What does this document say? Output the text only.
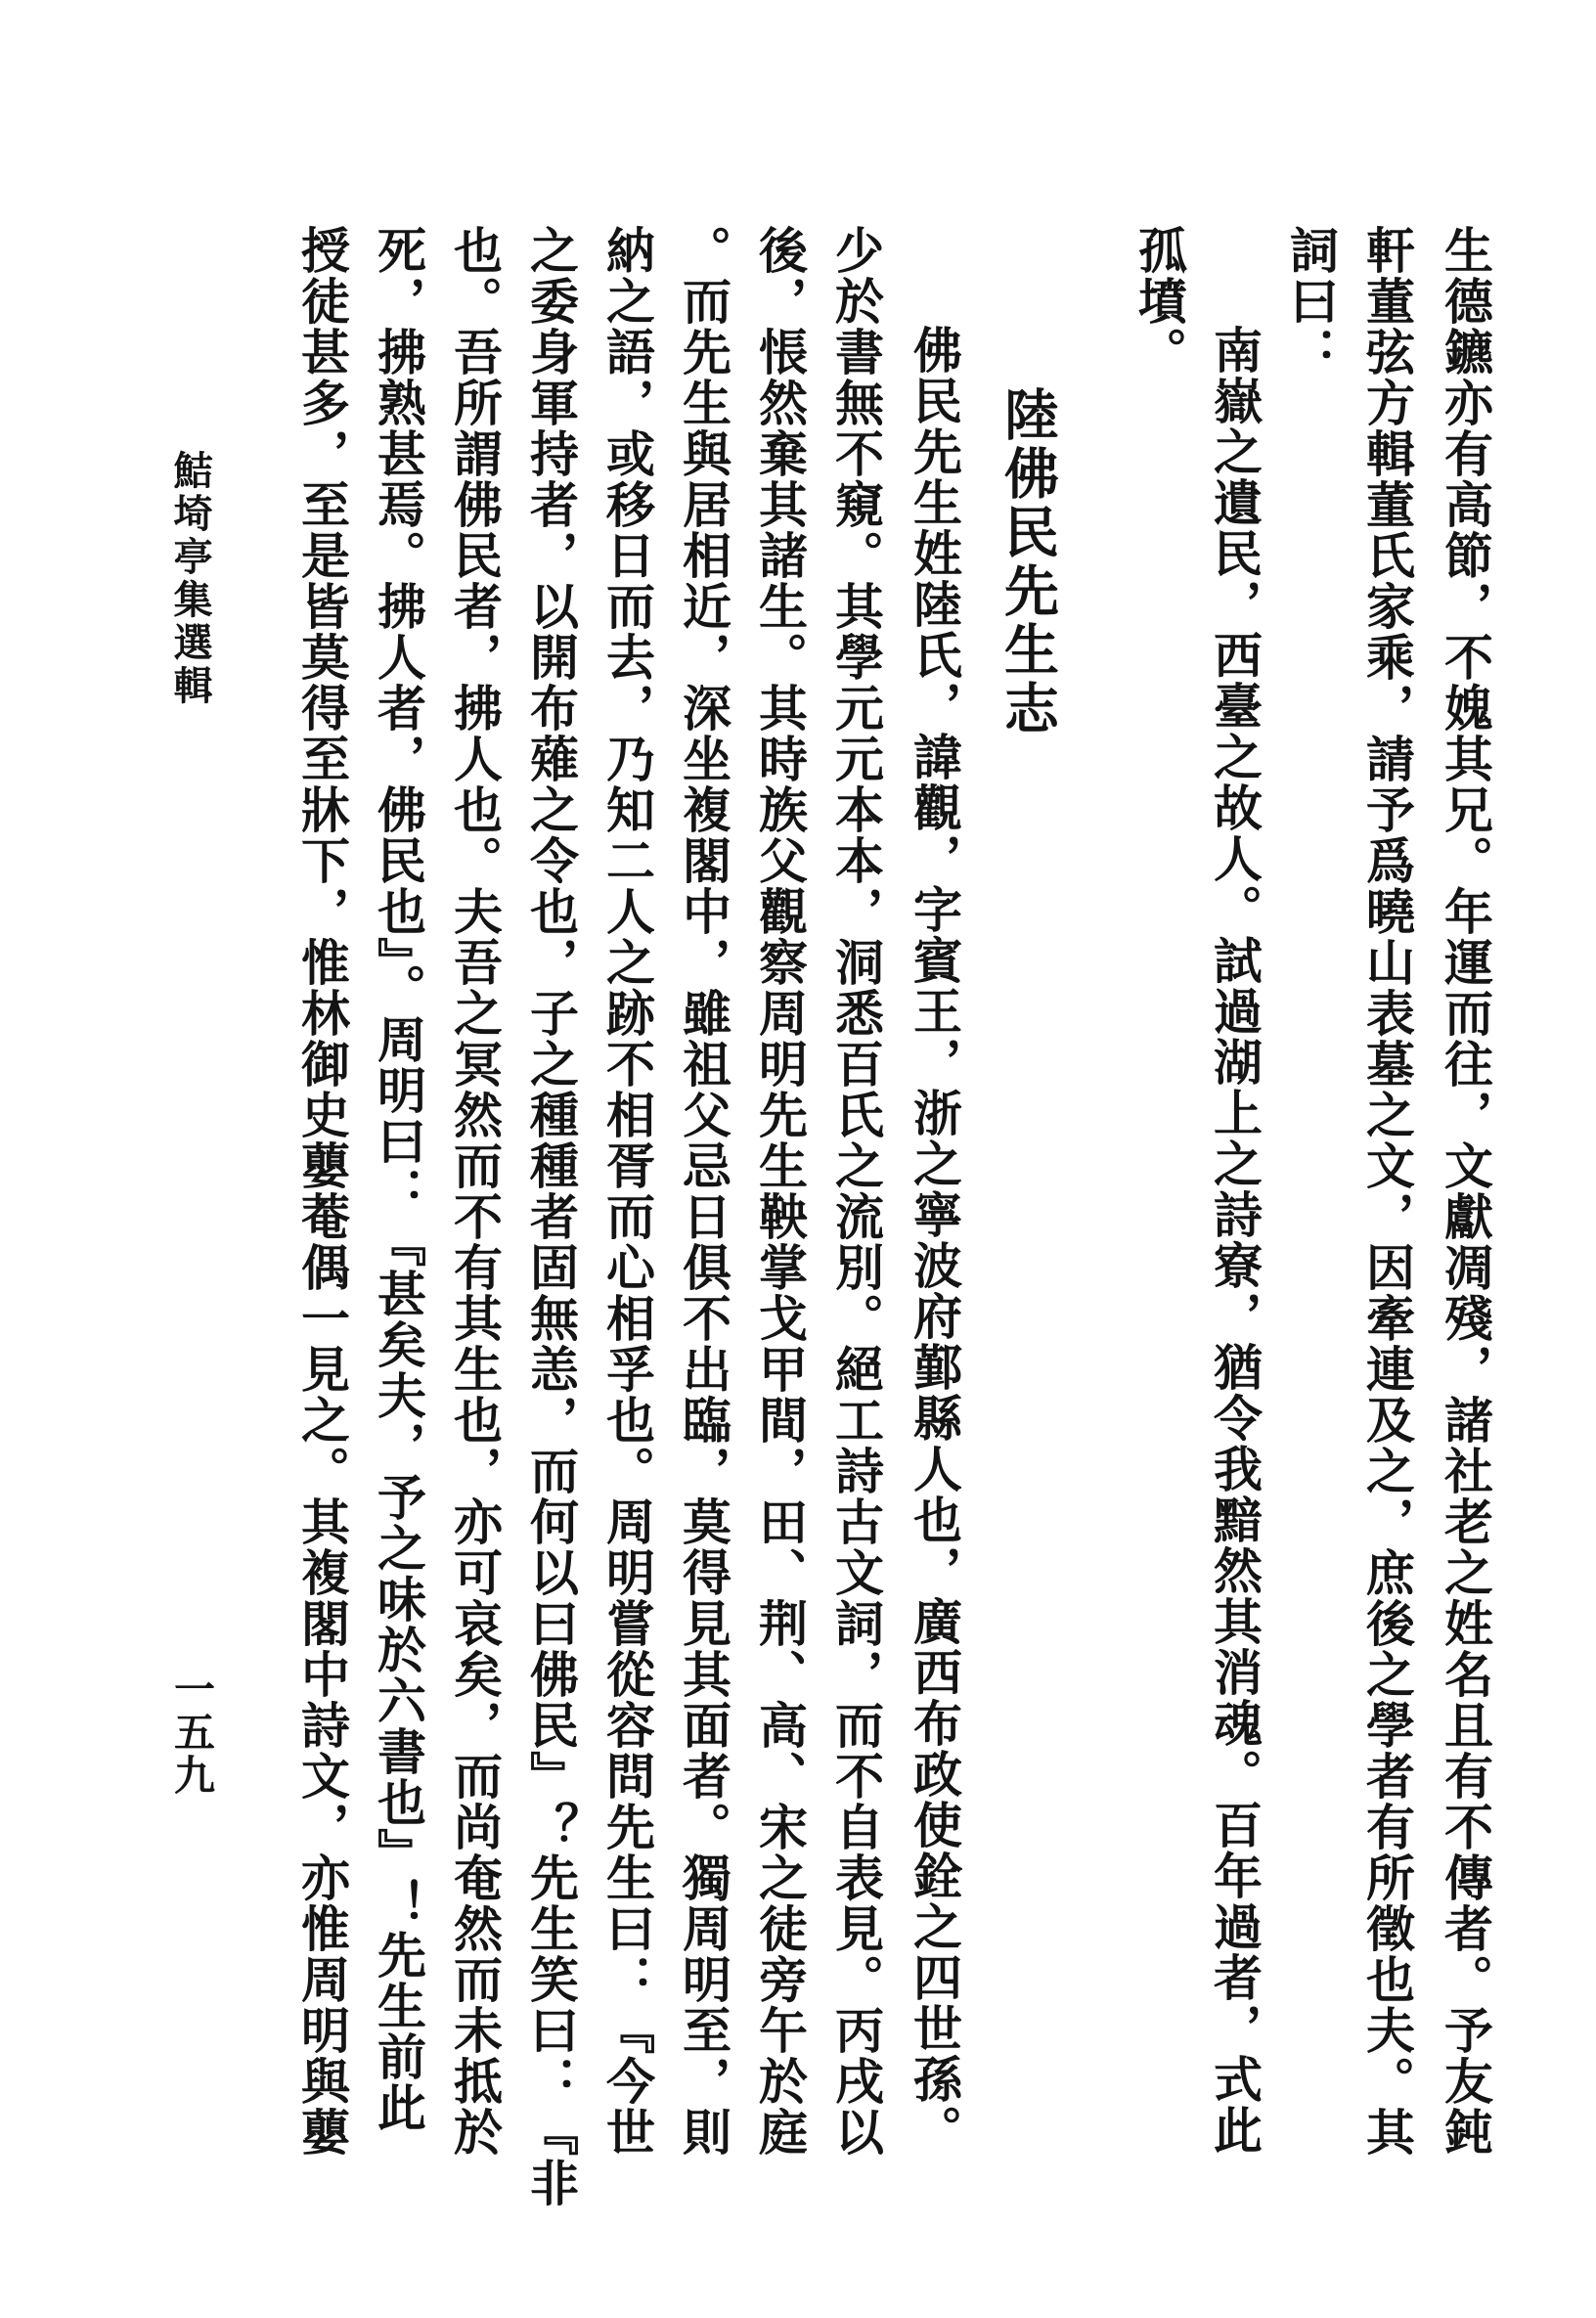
生德鑣亦有高節，不媿其兄。年運而往，文獻凋殘，諸社老之姓名且有不傳者。予友鈍
軒董弦方輯董氏家乘，請予爲曉山表墓之文，因牽連及之，庶後之學者有所徵也夫。其
詞曰：
南嶽之遺民，西臺之故人。試過湖上之詩寮，猶令我黯然其消魂。百年過者，式此
孤墳。
陸佛民先生志
佛民先生姓陸氏，諱觀，字賓王，浙之寧波府鄞縣人也，廣西布政使銓之四世孫。
少於書無不窺。其學元元本本，洞悉百氏之流別。絕工詩古文詞，而不自表見。丙戌以
後，悵然棄其諸生。其時族父觀察周明先生鞅掌戈甲間，田、荆、高、宋之徒旁午於庭
。而先生與居相近，深坐複閣中，雖祖父忌日俱不出臨，莫得見其面者。獨周明至，則
納之語，或移日而去，乃知二人之跡不相胥而心相孚也。周明嘗從容問先生曰：『今世
之委身軍持者，以開布薙之令也，子之種種者固無恙，而何以曰佛民』？先生笑曰：『非
也。吾所謂佛民者，拂人也。夫吾之冥然而不有其生也，亦可哀矣，而尚奄然而未抵於
死，拂熟甚焉。拂人者，佛民也』。周明曰：『甚矣夫，予之味於六書也』！先生前此
授徒甚多，至是皆莫得至牀下，惟林御史蘡菴偶一見之。其複閣中詩文，亦惟周明與蘡
鮚埼亭集選輯
一五九
